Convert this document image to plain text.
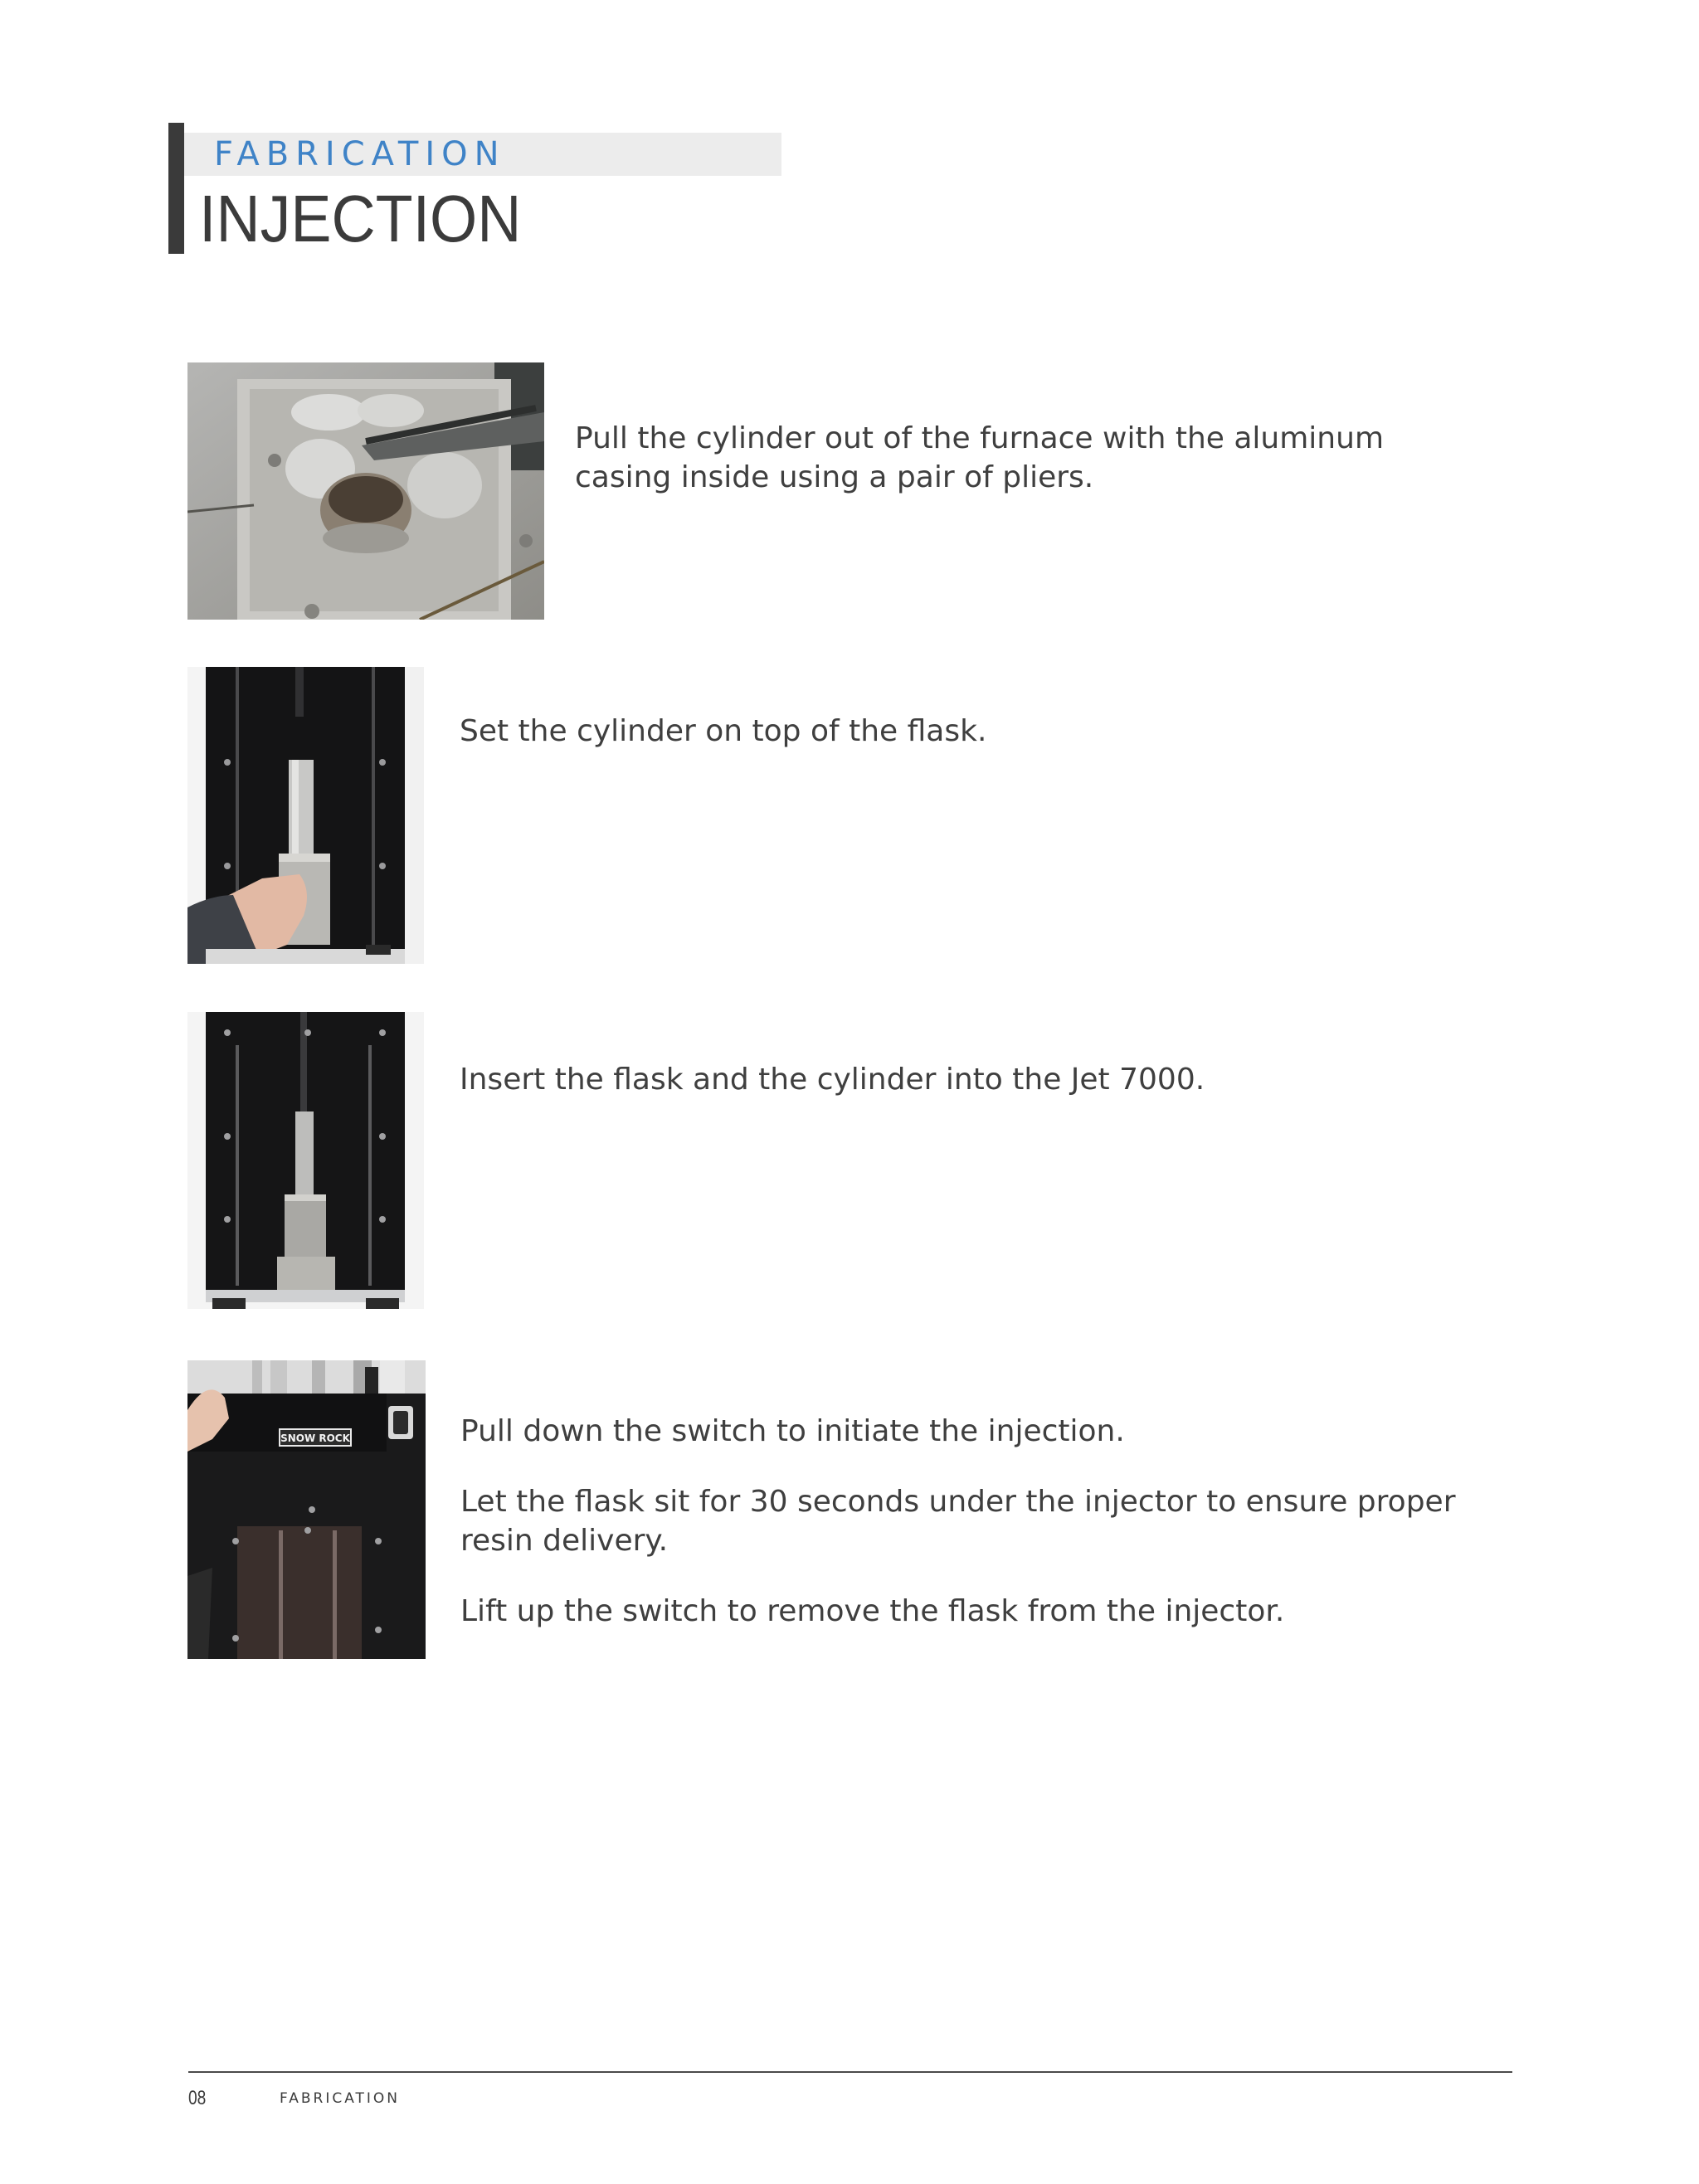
FABRICATION
INJECTION

Pull the cylinder out of the furnace with the aluminum casing inside using a pair of pliers.

Set the cylinder on top of the flask.

Insert the flask and the cylinder into the Jet 7000.

SNOW ROCK	Pull down the switch to initiate the injection.

Let the flask sit for 30 seconds under the injector to ensure proper resin delivery.

Lift up the switch to remove the flask from the injector.

08	FABRICATION
